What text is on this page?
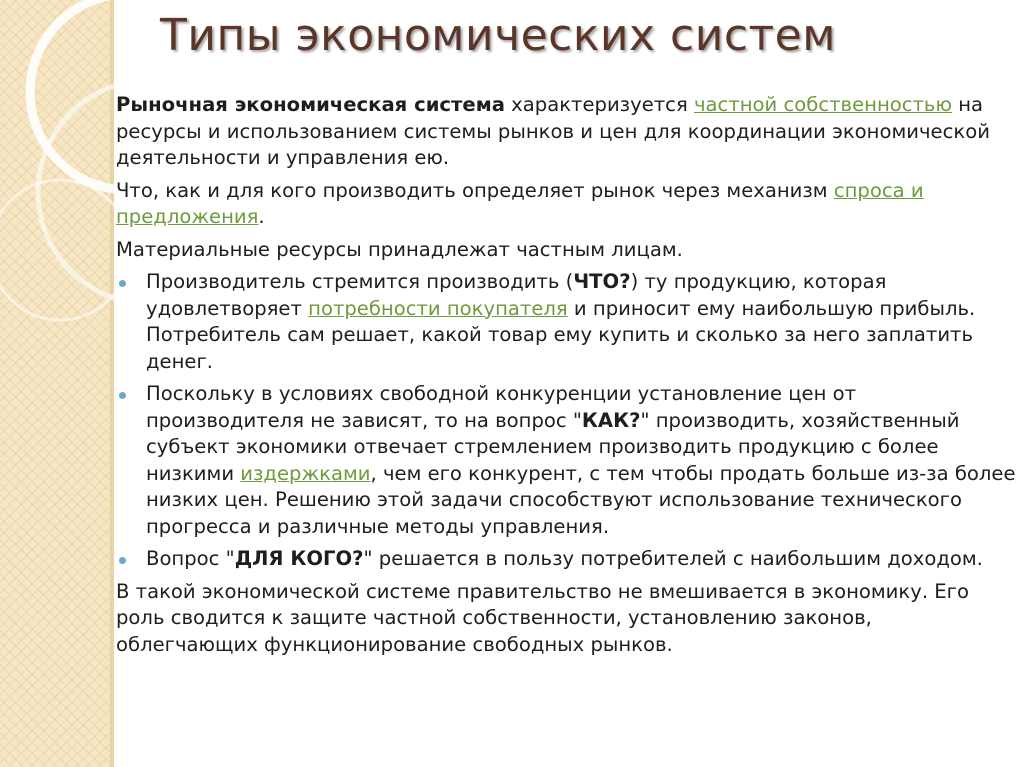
Типы экономических систем

Рыночная экономическая система характеризуется частной собственностью на ресурсы и использованием системы рынков и цен для координации экономической деятельности и управления ею.

Что, как и для кого производить определяет рынок через механизм спроса и предложения.

Материальные ресурсы принадлежат частным лицам.

Производитель стремится производить (ЧТО?) ту продукцию, которая удовлетворяет потребности покупателя и приносит ему наибольшую прибыль. Потребитель сам решает, какой товар ему купить и сколько за него заплатить денег.
Поскольку в условиях свободной конкуренции установление цен от производителя не зависят, то на вопрос "КАК?" производить, хозяйственный субъект экономики отвечает стремлением производить продукцию с более низкими издержками, чем его конкурент, с тем чтобы продать больше из-за более низких цен. Решению этой задачи способствуют использование технического прогресса и различные методы управления.
Вопрос "ДЛЯ КОГО?" решается в пользу потребителей с наибольшим доходом.

В такой экономической системе правительство не вмешивается в экономику. Его роль сводится к защите частной собственности, установлению законов, облегчающих функционирование свободных рынков.
